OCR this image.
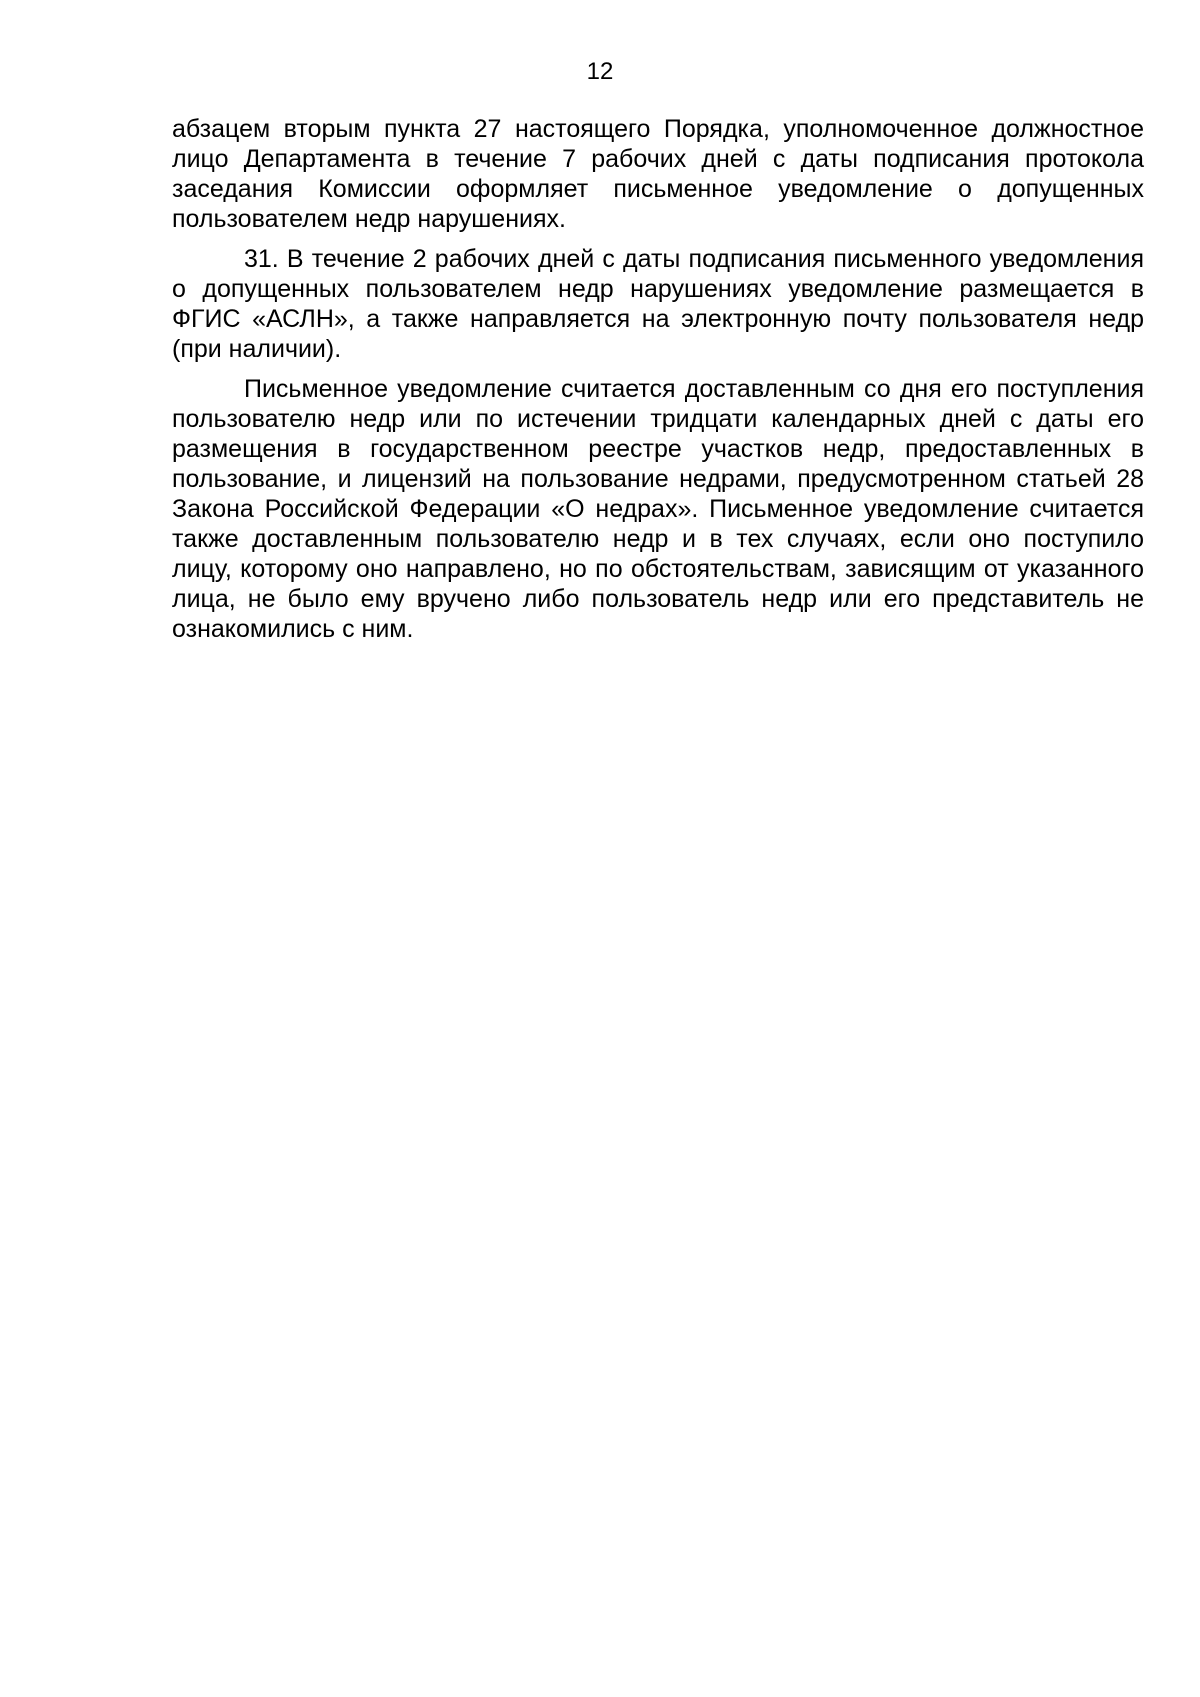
12

абзацем вторым пункта 27 настоящего Порядка, уполномоченное должностное лицо Департамента в течение 7 рабочих дней с даты подписания протокола заседания Комиссии оформляет письменное уведомление о допущенных пользователем недр нарушениях.

31. В течение 2 рабочих дней с даты подписания письменного уведомления о допущенных пользователем недр нарушениях уведомление размещается в ФГИС «АСЛН», а также направляется на электронную почту пользователя недр (при наличии).

Письменное уведомление считается доставленным со дня его поступления пользователю недр или по истечении тридцати календарных дней с даты его размещения в государственном реестре участков недр, предоставленных в пользование, и лицензий на пользование недрами, предусмотренном статьей 28 Закона Российской Федерации «О недрах». Письменное уведомление считается также доставленным пользователю недр и в тех случаях, если оно поступило лицу, которому оно направлено, но по обстоятельствам, зависящим от указанного лица, не было ему вручено либо пользователь недр или его представитель не ознакомились с ним.
